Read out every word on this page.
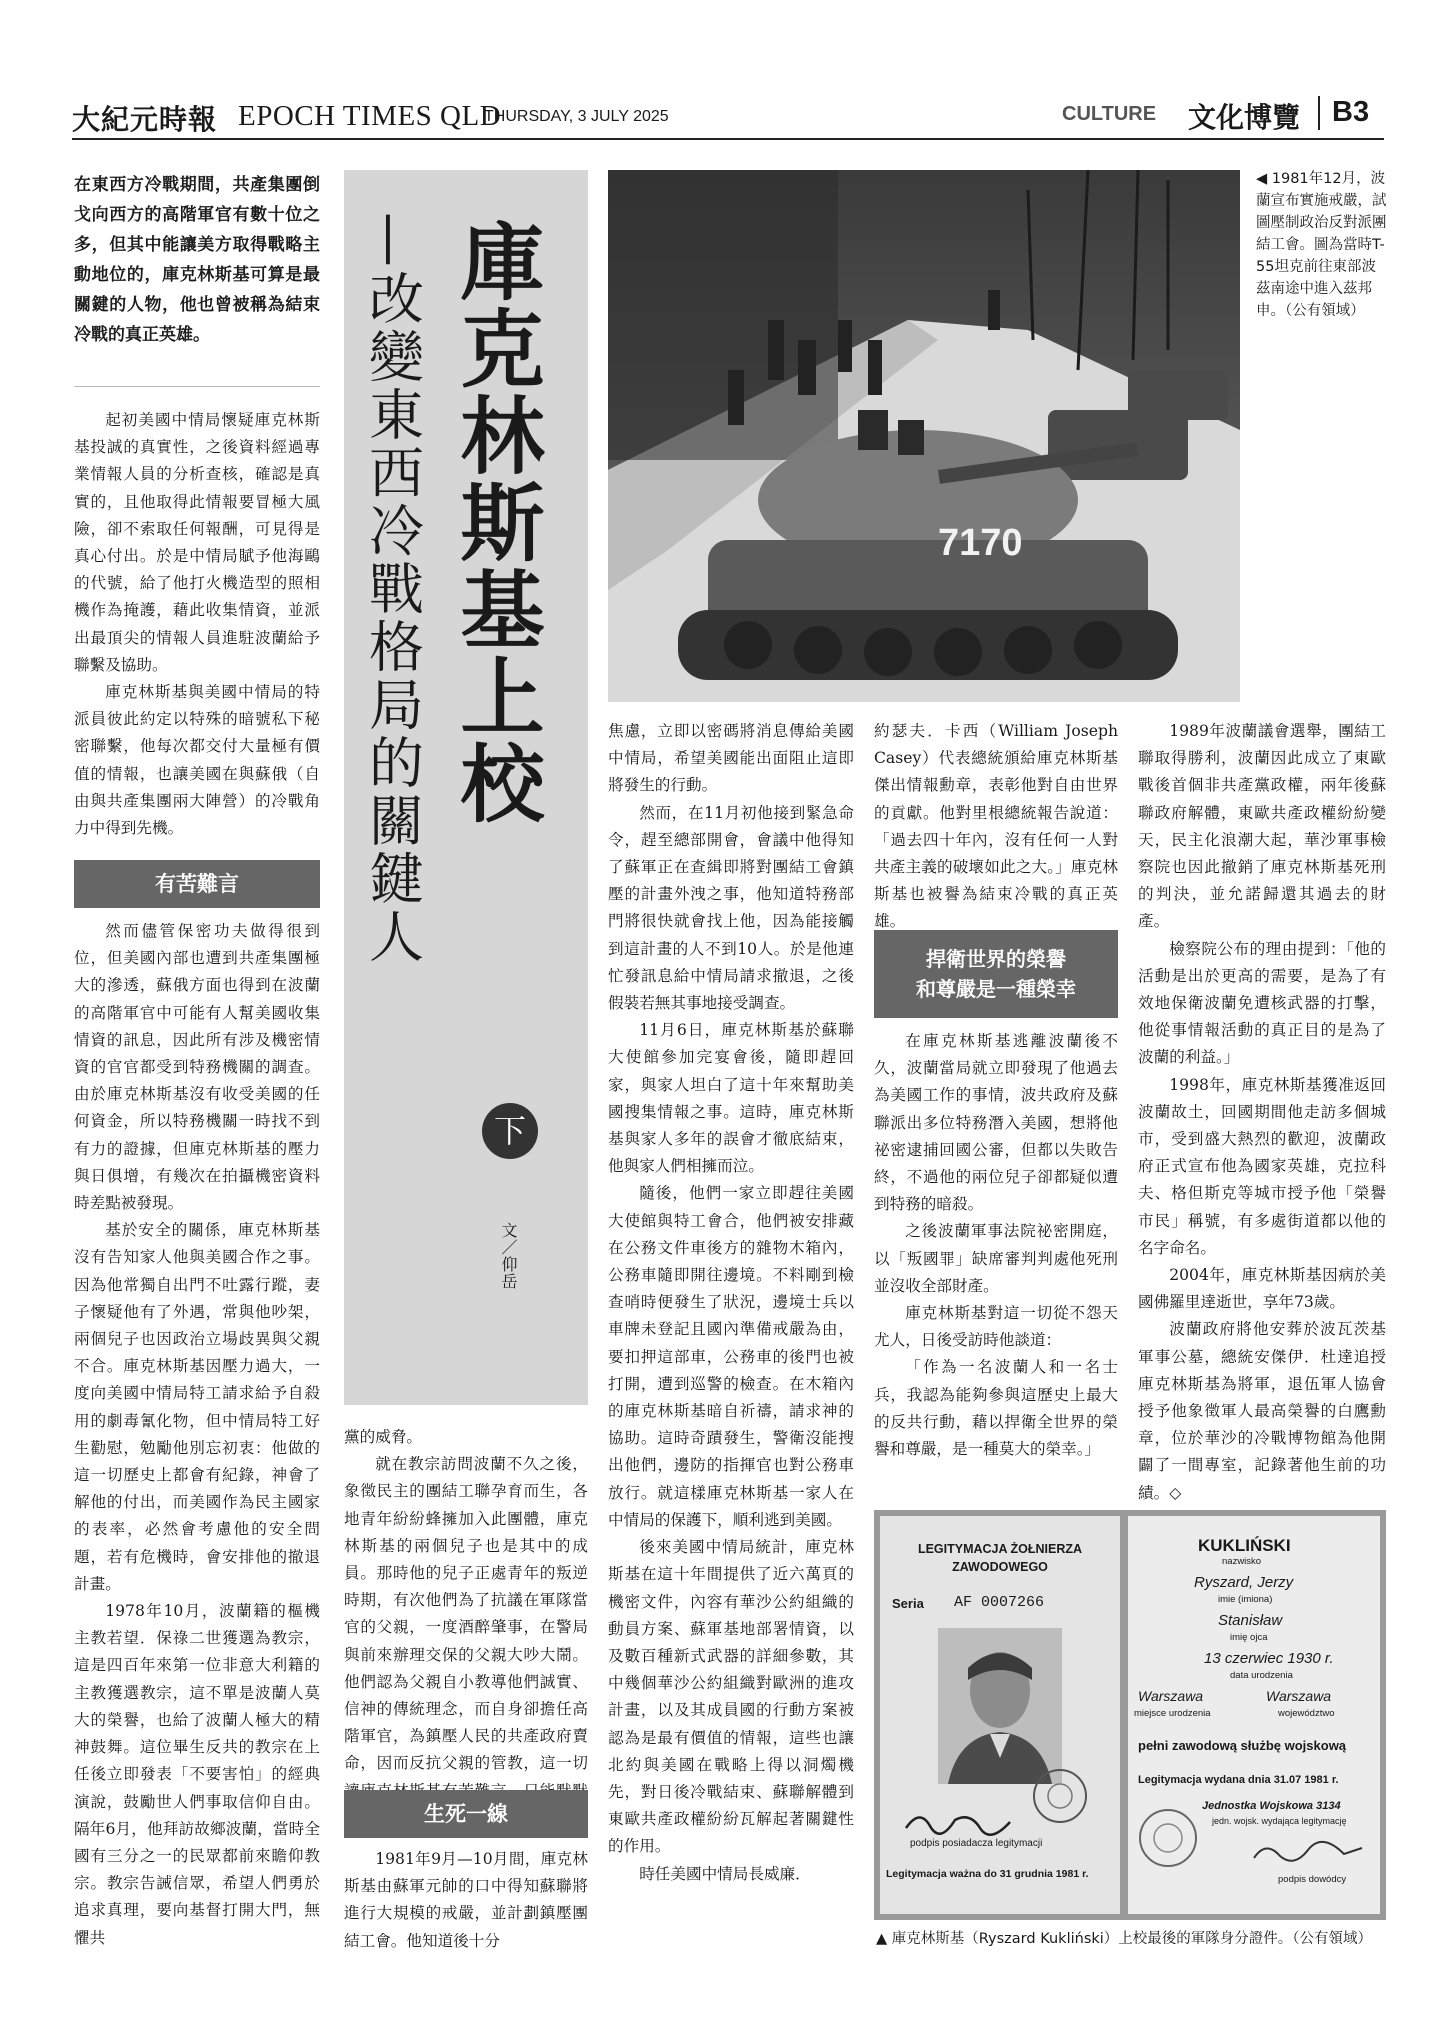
大紀元時報 EPOCH TIMES QLD
THURSDAY, 3 JULY 2025	CULTURE 文化博覽 B3
在東西方冷戰期間，共產集團倒戈向西方的高階軍官有數十位之多，但其中能讓美方取得戰略主動地位的，庫克林斯基可算是最關鍵的人物，他也曾被稱為結束冷戰的真正英雄。

起初美國中情局懷疑庫克林斯基投誠的真實性，之後資料經過專業情報人員的分析查核，確認是真實的，且他取得此情報要冒極大風險，卻不索取任何報酬，可見得是真心付出。於是中情局賦予他海鷗的代號，給了他打火機造型的照相機作為掩護，藉此收集情資，並派出最頂尖的情報人員進駐波蘭給予聯繫及協助。

庫克林斯基與美國中情局的特派員彼此約定以特殊的暗號私下秘密聯繫，他每次都交付大量極有價值的情報，也讓美國在與蘇俄（自由與共產集團兩大陣營）的冷戰角力中得到先機。

有苦難言

然而儘管保密功夫做得很到位，但美國內部也遭到共產集團極大的滲透，蘇俄方面也得到在波蘭的高階軍官中可能有人幫美國收集情資的訊息，因此所有涉及機密情資的官官都受到特務機關的調查。由於庫克林斯基沒有收受美國的任何資金，所以特務機關一時找不到有力的證據，但庫克林斯基的壓力與日俱增，有幾次在拍攝機密資料時差點被發現。

基於安全的關係，庫克林斯基沒有告知家人他與美國合作之事。因為他常獨自出門不吐露行蹤，妻子懷疑他有了外遇，常與他吵架，兩個兒子也因政治立場歧異與父親不合。庫克林斯基因壓力過大，一度向美國中情局特工請求給予自殺用的劇毒氰化物，但中情局特工好生勸慰，勉勵他別忘初衷：他做的這一切歷史上都會有紀錄，神會了解他的付出，而美國作為民主國家的表率，必然會考慮他的安全問題，若有危機時，會安排他的撤退計畫。

1978年10月，波蘭籍的樞機主教若望．保祿二世獲選為教宗，這是四百年來第一位非意大利籍的主教獲選教宗，這不單是波蘭人莫大的榮譽，也給了波蘭人極大的精神鼓舞。這位畢生反共的教宗在上任後立即發表「不要害怕」的經典演說，鼓勵世人們事取信仰自由。隔年6月，他拜訪故鄉波蘭，當時全國有三分之一的民眾都前來瞻仰教宗。教宗告誡信眾，希望人們勇於追求真理，要向基督打開大門，無懼共

庫克林斯基上校
—改變東西冷戰格局的關鍵人
下
文／仰岳

黨的威脅。

就在教宗訪問波蘭不久之後，象徵民主的團結工聯孕育而生，各地青年紛紛蜂擁加入此團體，庫克林斯基的兩個兒子也是其中的成員。那時他的兒子正處青年的叛逆時期，有次他們為了抗議在軍隊當官的父親，一度酒醉肇事，在警局與前來辦理交保的父親大吵大鬧。他們認為父親自小教導他們誠實、信神的傳統理念，而自身卻擔任高階軍官，為鎮壓人民的共產政府賣命，因而反抗父親的管教，這一切

生死一線

1981年9月—10月間，庫克林斯基由蘇軍元帥的口中得知蘇聯將進行大規模的戒嚴，並計劃鎮壓團結工會。他知道後十分

7170
◀ 1981年12月，波蘭宣布實施戒嚴，試圖壓制政治反對派團結工會。圖為當時T-55坦克前往東部波茲南途中進入茲邦申。（公有領域）

焦慮，立即以密碼將消息傳給美國中情局，希望美國能出面阻止這即將發生的行動。

然而，在11月初他接到緊急命令，趕至總部開會，會議中他得知了蘇軍正在查緝即將對團結工會鎮壓的計畫外洩之事，他知道特務部門將很快就會找上他，因為能接觸到這計畫的人不到10人。於是他連忙發訊息給中情局請求撤退，之後假裝若無其事地接受調查。

11月6日，庫克林斯基於蘇聯大使館參加完宴會後，隨即趕回家，與家人坦白了這十年來幫助美國搜集情報之事。這時，庫克林斯基與家人多年的誤會才徹底結束，他與家人們相擁而泣。

隨後，他們一家立即趕往美國大使館與特工會合，他們被安排藏在公務文件車後方的雜物木箱內，公務車隨即開往邊境。不料剛到檢查哨時便發生了狀況，邊境士兵以車牌未登記且國內準備戒嚴為由，要扣押這部車，公務車的後門也被打開，遭到巡警的檢查。在木箱內的庫克林斯基暗自祈禱，請求神的協助。這時奇蹟發生，警衛沒能搜出他們，邊防的指揮官也對公務車放行。就這樣庫克林斯基一家人在中情局的保護下，順利逃到美國。

後來美國中情局統計，庫克林斯基在這十年間提供了近六萬頁的機密文件，內容有華沙公約組織的動員方案、蘇軍基地部署情資，以及數百種新式武器的詳細參數，其中幾個華沙公約組織對歐洲的進攻計畫，以及其成員國的行動方案被認為是最有價值的情報，這些也讓北約與美國在戰略上得以洞燭機先，對日後冷戰結束、蘇聯解體到東歐共產政權紛紛瓦解起著關鍵性的作用。

時任美國中情局長威廉．

約瑟夫．卡西（William Joseph Casey）代表總統頒給庫克林斯基傑出情報勳章，表彰他對自由世界的貢獻。他對里根總統報告說道：「過去四十年內，沒有任何一人對共產主義的破壞如此之大。」庫克林斯基也被譽為結束冷戰的真正英雄。

捍衛世界的榮譽
和尊嚴是一種榮幸

在庫克林斯基逃離波蘭後不久，波蘭當局就立即發現了他過去為美國工作的事情，波共政府及蘇聯派出多位特務潛入美國，想將他祕密逮捕回國公審，但都以失敗告終，不過他的兩位兒子卻都疑似遭到特務的暗殺。

之後波蘭軍事法院祕密開庭，以「叛國罪」缺席審判判處他死刑並沒收全部財產。

庫克林斯基對這一切從不怨天尤人，日後受訪時他談道：

「作為一名波蘭人和一名士兵，我認為能夠參與這歷史上最大的反共行動，藉以捍衛全世界的榮譽和尊嚴，是一種莫大的榮幸。」

1989年波蘭議會選舉，團結工聯取得勝利，波蘭因此成立了東歐戰後首個非共產黨政權，兩年後蘇聯政府解體，東歐共產政權紛紛變天，民主化浪潮大起，華沙軍事檢察院也因此撤銷了庫克林斯基死刑的判決，並允諾歸還其過去的財產。

檢察院公布的理由提到：「他的活動是出於更高的需要，是為了有效地保衛波蘭免遭核武器的打擊，他從事情報活動的真正目的是為了波蘭的利益。」

1998年，庫克林斯基獲准返回波蘭故土，回國期間他走訪多個城市，受到盛大熱烈的歡迎，波蘭政府正式宣布他為國家英雄，克拉科夫、格但斯克等城市授予他「榮譽市民」稱號，有多處街道都以他的名字命名。

2004年，庫克林斯基因病於美國佛羅里達逝世，享年73歲。

波蘭政府將他安葬於波瓦茨基軍事公墓，總統安傑伊．杜達追授庫克林斯基為將軍，退伍軍人協會授予他象徵軍人最高榮譽的白鷹勳章，位於華沙的冷戰博物館為他開闢了一間專室，記錄著他生前的功績。◇

LEGITYMACJA ŻOŁNIERZA
ZAWODOWEGO
Seria AF 0007266
podpis posiadacza legitymacji
Legitymacja ważna do 31 grudnia 1981 r.
KUKLIŃSKI
nazwisko
Ryszard, Jerzy
imie (imiona)
Stanisław
imię ojca
13 czerwiec 1930 r.
data urodzenia
Warszawa	Warszawa
miejsce urodzenia	województwo
pełni zawodową służbę wojskową
Legitymacja wydana dnia 31.07 1981 r.
Jednostka Wojskowa 3134
jedn. wojsk. wydająca legitymację
podpis dowódcy
▲ 庫克林斯基（Ryszard Kukliński）上校最後的軍隊身分證件。（公有領域）
